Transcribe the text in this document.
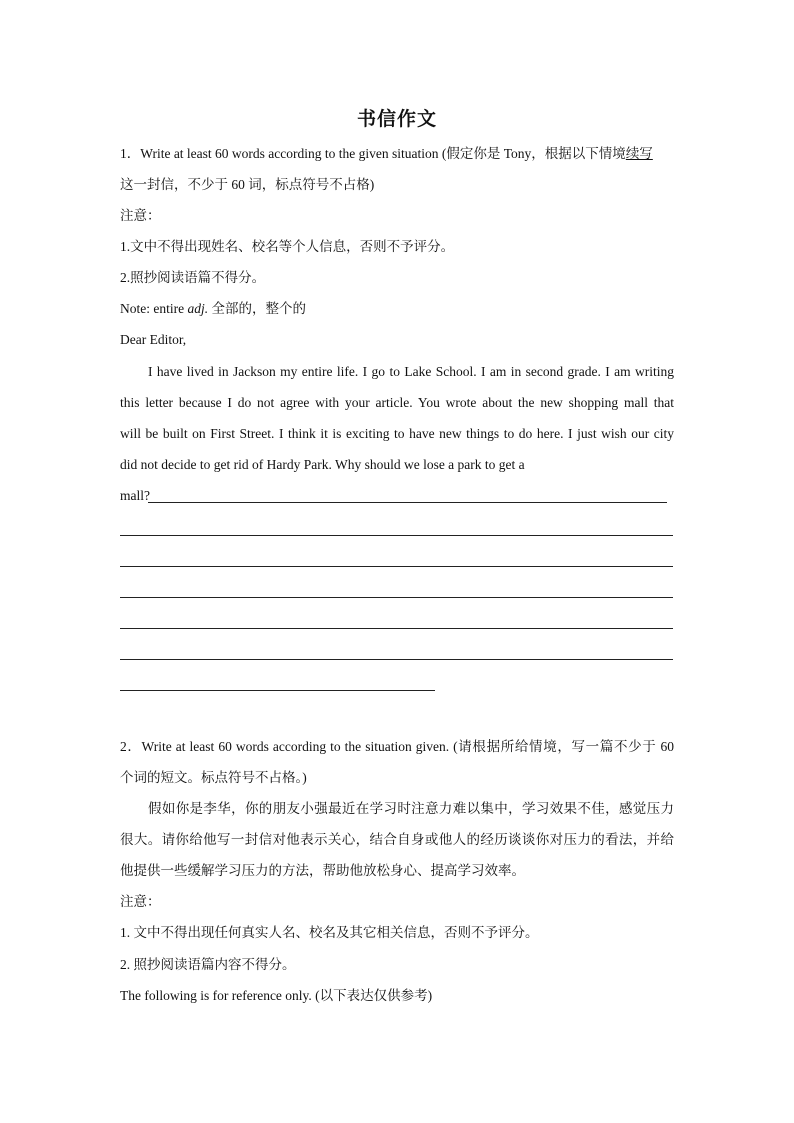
书信作文
1．Write at least 60 words according to the given situation (假定你是 Tony，根据以下情境续写
这一封信，不少于 60 词，标点符号不占格)
注意：
1.文中不得出现姓名、校名等个人信息，否则不予评分。
2.照抄阅读语篇不得分。
Note: entire adj. 全部的，整个的
Dear Editor,
I have lived in Jackson my entire life. I go to Lake School. I am in second grade. I am writing
this letter because I do not agree with your article. You wrote about the new shopping mall that
will be built on First Street. I think it is exciting to have new things to do here. I just wish our city
did not decide to get rid of Hardy Park. Why should we lose a park to get a
mall?
2．Write at least 60 words according to the situation given. (请根据所给情境，写一篇不少于 60
个词的短文。标点符号不占格。)
假如你是李华，你的朋友小强最近在学习时注意力难以集中，学习效果不佳，感觉压力
很大。请你给他写一封信对他表示关心，结合自身或他人的经历谈谈你对压力的看法，并给
他提供一些缓解学习压力的方法，帮助他放松身心、提高学习效率。
注意：
1. 文中不得出现任何真实人名、校名及其它相关信息，否则不予评分。
2. 照抄阅读语篇内容不得分。
The following is for reference only. (以下表达仅供参考)
